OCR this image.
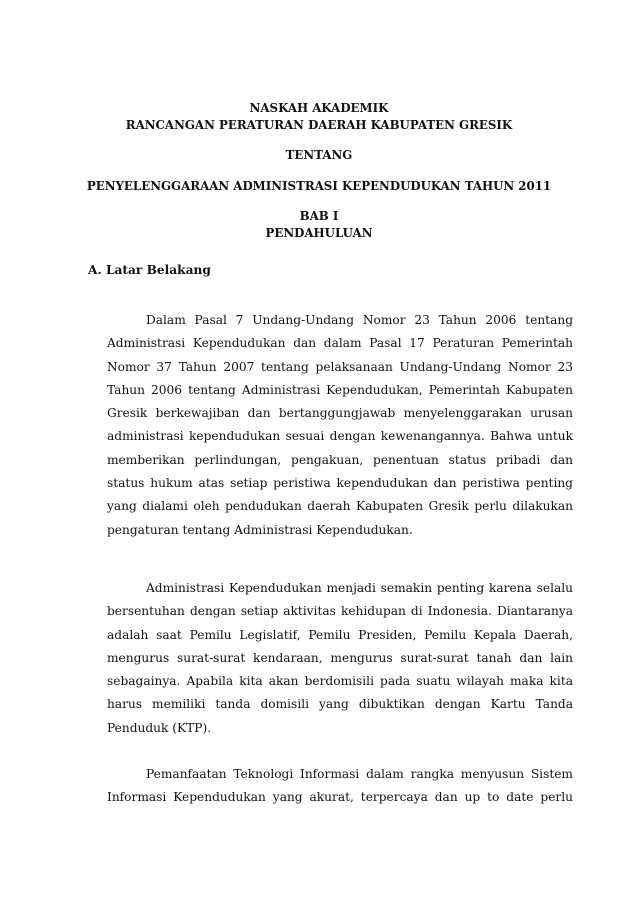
NASKAH AKADEMIK
RANCANGAN PERATURAN DAERAH KABUPATEN GRESIK
TENTANG
PENYELENGGARAAN ADMINISTRASI KEPENDUDUKAN TAHUN 2011
BAB I
PENDAHULUAN
A. Latar Belakang

Dalam Pasal 7 Undang-Undang Nomor 23 Tahun 2006 tentang Administrasi Kependudukan dan dalam Pasal 17 Peraturan Pemerintah Nomor 37 Tahun 2007 tentang pelaksanaan Undang-Undang Nomor 23 Tahun 2006 tentang Administrasi Kependudukan, Pemerintah Kabupaten Gresik berkewajiban dan bertanggungjawab menyelenggarakan urusan administrasi kependudukan sesuai dengan kewenangannya. Bahwa untuk memberikan perlindungan, pengakuan, penentuan status pribadi dan status hukum atas setiap peristiwa kependudukan dan peristiwa penting yang dialami oleh pendudukan daerah Kabupaten Gresik perlu dilakukan pengaturan tentang Administrasi Kependudukan.

Administrasi Kependudukan menjadi semakin penting karena selalu bersentuhan dengan setiap aktivitas kehidupan di Indonesia. Diantaranya adalah saat Pemilu Legislatif, Pemilu Presiden, Pemilu Kepala Daerah, mengurus surat-surat kendaraan, mengurus surat-surat tanah dan lain sebagainya. Apabila kita akan berdomisili pada suatu wilayah maka kita harus memiliki tanda domisili yang dibuktikan dengan Kartu Tanda Penduduk (KTP).

Pemanfaatan Teknologi Informasi dalam rangka menyusun Sistem Informasi Kependudukan yang akurat, terpercaya dan up to date perlu
